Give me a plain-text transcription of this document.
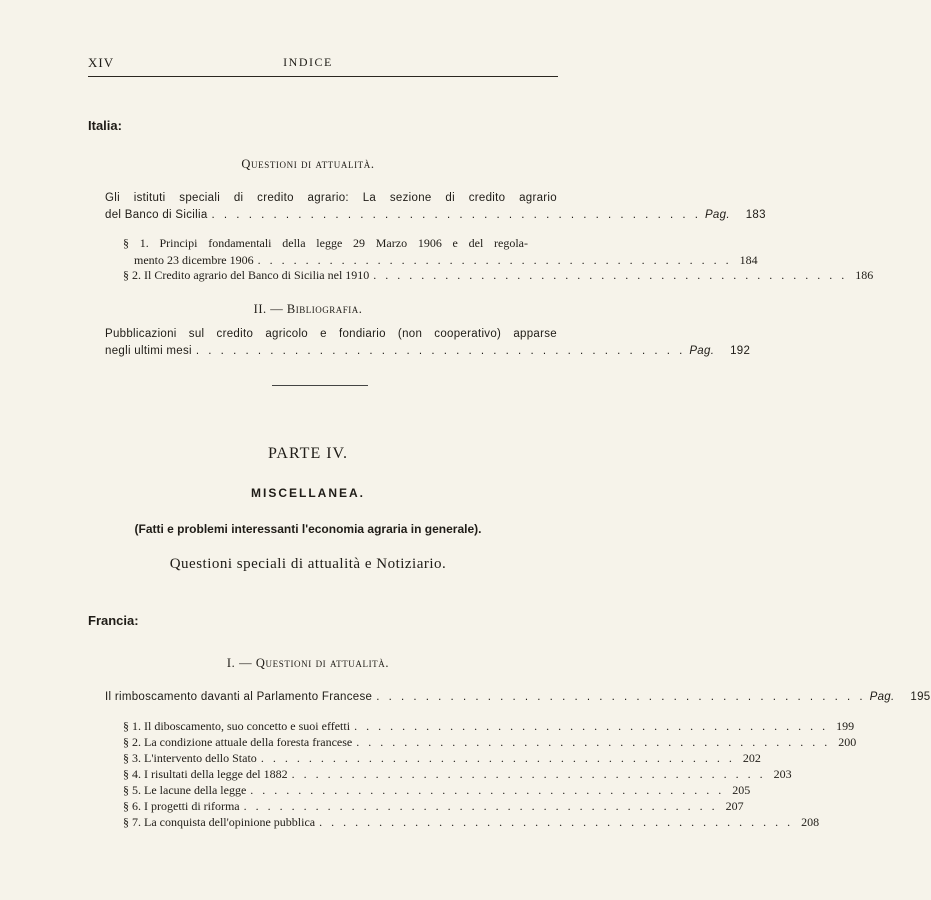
XIV	INDICE
Italia:
Questioni di attualità.
Gli istituti speciali di credito agrario: La sezione di credito agrario
del Banco di Sicilia . . . . . . . . . . . . . . . . . . . . . . . . . . . . . . . . . . . . . . . . Pag. 183
§ 1. Principi fondamentali della legge 29 Marzo 1906 e del regola-
mento 23 dicembre 1906 . . . . . . . . . . . . . . . . . . . . . . . . . . . . . . . . . . . . . . . . 184
§ 2. Il Credito agrario del Banco di Sicilia nel 1910 . . . . . . . . . . . . . . . . . . . . . . . . . . . . . . . . . . . . . . . . 186
II. — Bibliografia.
Pubblicazioni sul credito agricolo e fondiario (non cooperativo) apparse
negli ultimi mesi . . . . . . . . . . . . . . . . . . . . . . . . . . . . . . . . . . . . . . . . Pag. 192
PARTE IV.
MISCELLANEA.
(Fatti e problemi interessanti l'economia agraria in generale).
Questioni speciali di attualità e Notiziario.
Francia:
I. — Questioni di attualità.
Il rimboscamento davanti al Parlamento Francese . . . . . . . . . . . . . . . . . . . . . . . . . . . . . . . . . . . . . . . . Pag. 195
§ 1. Il diboscamento, suo concetto e suoi effetti . . . . . . . . . . . . . . . . . . . . . . . . . . . . . . . . . . . . . . . . 199
§ 2. La condizione attuale della foresta francese . . . . . . . . . . . . . . . . . . . . . . . . . . . . . . . . . . . . . . . . 200
§ 3. L'intervento dello Stato . . . . . . . . . . . . . . . . . . . . . . . . . . . . . . . . . . . . . . . . 202
§ 4. I risultati della legge del 1882 . . . . . . . . . . . . . . . . . . . . . . . . . . . . . . . . . . . . . . . . 203
§ 5. Le lacune della legge . . . . . . . . . . . . . . . . . . . . . . . . . . . . . . . . . . . . . . . . 205
§ 6. I progetti di riforma . . . . . . . . . . . . . . . . . . . . . . . . . . . . . . . . . . . . . . . . 207
§ 7. La conquista dell'opinione pubblica . . . . . . . . . . . . . . . . . . . . . . . . . . . . . . . . . . . . . . . . 208
